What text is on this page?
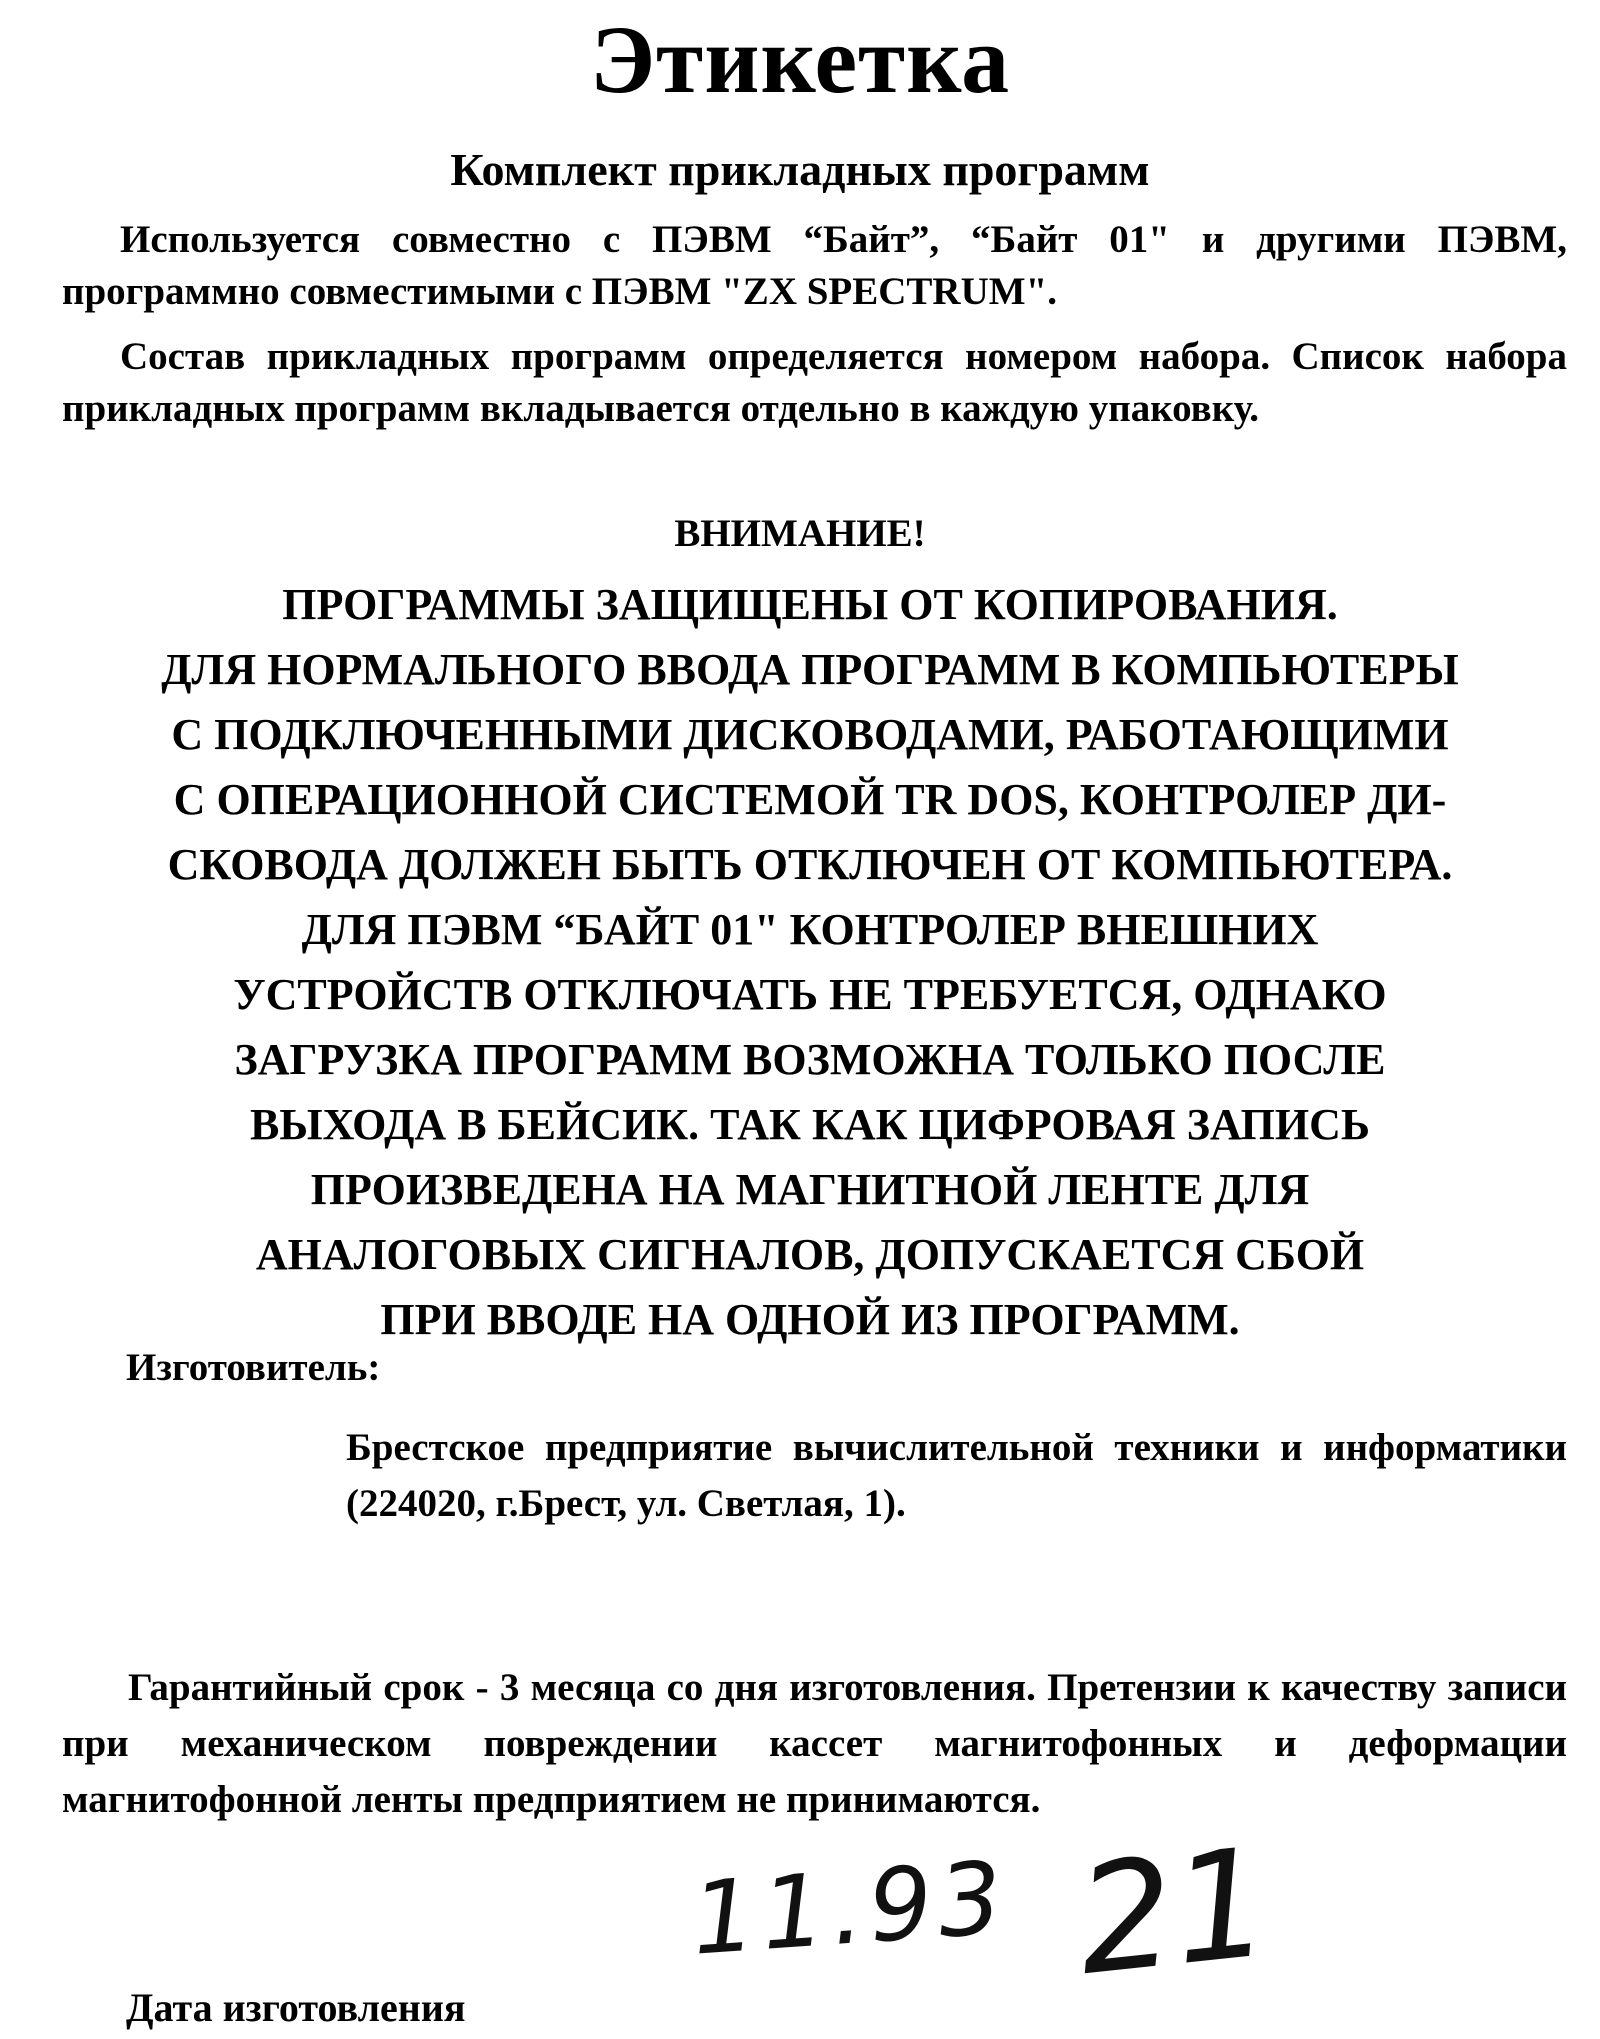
Этикетка
Комплект прикладных программ
Используется совместно с ПЭВМ “Байт”, “Байт 01" и другими ПЭВМ, программно совместимыми с ПЭВМ "ZX SPECTRUM".
Состав прикладных программ определяется номером набора. Список набора прикладных программ вкладывается отдельно в каждую упаковку.
ВНИМАНИЕ!
ПРОГРАММЫ ЗАЩИЩЕНЫ ОТ КОПИРОВАНИЯ.
ДЛЯ НОРМАЛЬНОГО ВВОДА ПРОГРАММ В КОМПЬЮТЕРЫ
С ПОДКЛЮЧЕННЫМИ ДИСКОВОДАМИ, РАБОТАЮЩИМИ
С ОПЕРАЦИОННОЙ СИСТЕМОЙ TR DOS, КОНТРОЛЕР ДИ-
СКОВОДА ДОЛЖЕН БЫТЬ ОТКЛЮЧЕН ОТ КОМПЬЮТЕРА.
ДЛЯ ПЭВМ “БАЙТ 01" КОНТРОЛЕР ВНЕШНИХ
УСТРОЙСТВ ОТКЛЮЧАТЬ НЕ ТРЕБУЕТСЯ, ОДНАКО
ЗАГРУЗКА ПРОГРАММ ВОЗМОЖНА ТОЛЬКО ПОСЛЕ
ВЫХОДА В БЕЙСИК. ТАК КАК ЦИФРОВАЯ ЗАПИСЬ
ПРОИЗВЕДЕНА НА МАГНИТНОЙ ЛЕНТЕ ДЛЯ
АНАЛОГОВЫХ СИГНАЛОВ, ДОПУСКАЕТСЯ СБОЙ
ПРИ ВВОДЕ НА ОДНОЙ ИЗ ПРОГРАММ.
Изготовитель:
Брестское предприятие вычислительной техники и информатики (224020, г.Брест, ул. Светлая, 1).
Гарантийный срок - 3 месяца со дня изготовления. Претензии к качеству записи при механическом повреждении кассет магнитофонных и деформации магнитофонной ленты предприятием не принимаются.
Дата изготовления
11.93 21
